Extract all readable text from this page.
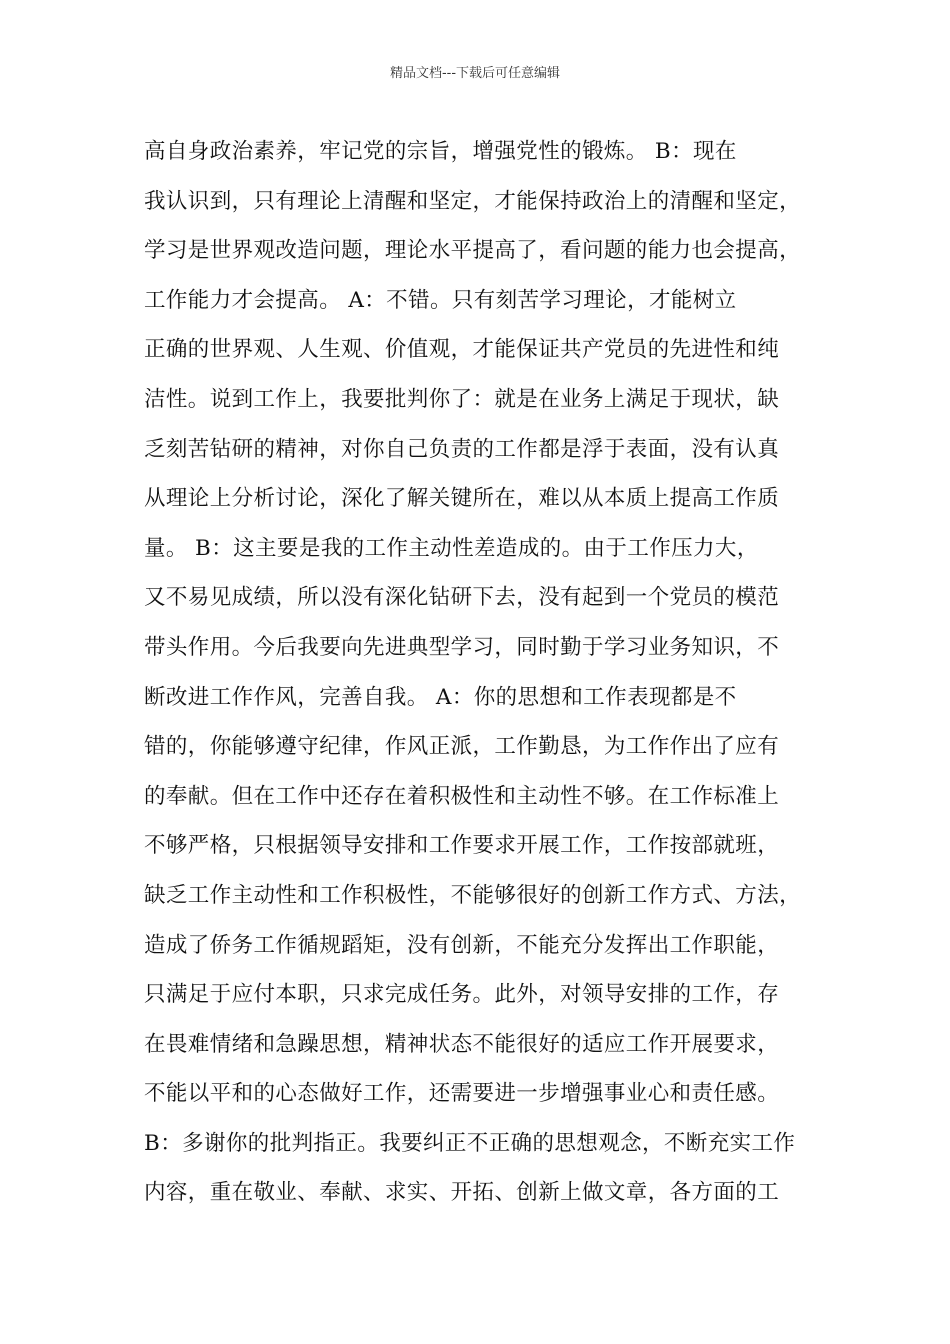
精品文档---下载后可任意编辑
高自身政治素养，牢记党的宗旨，增强党性的锻炼。 B：现在
我认识到，只有理论上清醒和坚定，才能保持政治上的清醒和坚定，
学习是世界观改造问题，理论水平提高了，看问题的能力也会提高，
工作能力才会提高。 A：不错。只有刻苦学习理论，才能树立
正确的世界观、人生观、价值观，才能保证共产党员的先进性和纯
洁性。说到工作上，我要批判你了：就是在业务上满足于现状，缺
乏刻苦钻研的精神，对你自己负责的工作都是浮于表面，没有认真
从理论上分析讨论，深化了解关键所在，难以从本质上提高工作质
量。 B：这主要是我的工作主动性差造成的。由于工作压力大，
又不易见成绩，所以没有深化钻研下去，没有起到一个党员的模范
带头作用。今后我要向先进典型学习，同时勤于学习业务知识，不
断改进工作作风，完善自我。 A：你的思想和工作表现都是不
错的，你能够遵守纪律，作风正派，工作勤恳，为工作作出了应有
的奉献。但在工作中还存在着积极性和主动性不够。在工作标准上
不够严格，只根据领导安排和工作要求开展工作，工作按部就班，
缺乏工作主动性和工作积极性，不能够很好的创新工作方式、方法，
造成了侨务工作循规蹈矩，没有创新，不能充分发挥出工作职能，
只满足于应付本职，只求完成任务。此外，对领导安排的工作，存
在畏难情绪和急躁思想，精神状态不能很好的适应工作开展要求，
不能以平和的心态做好工作，还需要进一步增强事业心和责任感。
B：多谢你的批判指正。我要纠正不正确的思想观念，不断充实工作
内容，重在敬业、奉献、求实、开拓、创新上做文章，各方面的工
